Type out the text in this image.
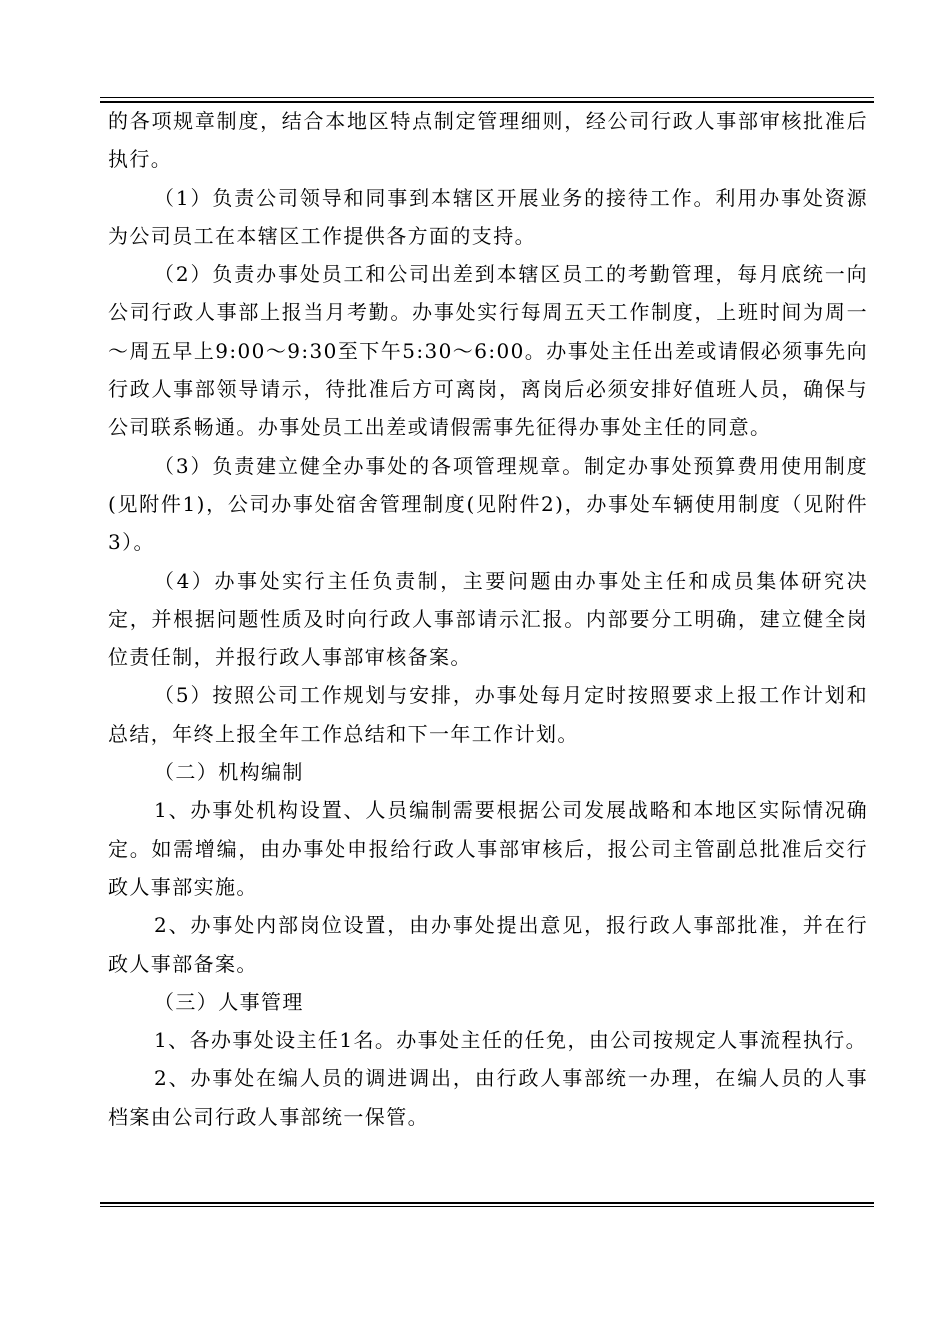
的各项规章制度，结合本地区特点制定管理细则，经公司行政人事部审核批准后执行。

（1）负责公司领导和同事到本辖区开展业务的接待工作。利用办事处资源为公司员工在本辖区工作提供各方面的支持。

（2）负责办事处员工和公司出差到本辖区员工的考勤管理，每月底统一向公司行政人事部上报当月考勤。办事处实行每周五天工作制度，上班时间为周一～周五早上9:00～9:30至下午5:30～6:00。办事处主任出差或请假必须事先向行政人事部领导请示，待批准后方可离岗，离岗后必须安排好值班人员，确保与公司联系畅通。办事处员工出差或请假需事先征得办事处主任的同意。

（3）负责建立健全办事处的各项管理规章。制定办事处预算费用使用制度(见附件1)，公司办事处宿舍管理制度(见附件2)，办事处车辆使用制度（见附件3）。

（4）办事处实行主任负责制，主要问题由办事处主任和成员集体研究决定，并根据问题性质及时向行政人事部请示汇报。内部要分工明确，建立健全岗位责任制，并报行政人事部审核备案。

（5）按照公司工作规划与安排，办事处每月定时按照要求上报工作计划和总结，年终上报全年工作总结和下一年工作计划。

（二）机构编制

1、办事处机构设置、人员编制需要根据公司发展战略和本地区实际情况确定。如需增编，由办事处申报给行政人事部审核后，报公司主管副总批准后交行政人事部实施。

2、办事处内部岗位设置，由办事处提出意见，报行政人事部批准，并在行政人事部备案。

（三）人事管理

1、各办事处设主任1名。办事处主任的任免，由公司按规定人事流程执行。

2、办事处在编人员的调进调出，由行政人事部统一办理，在编人员的人事档案由公司行政人事部统一保管。
